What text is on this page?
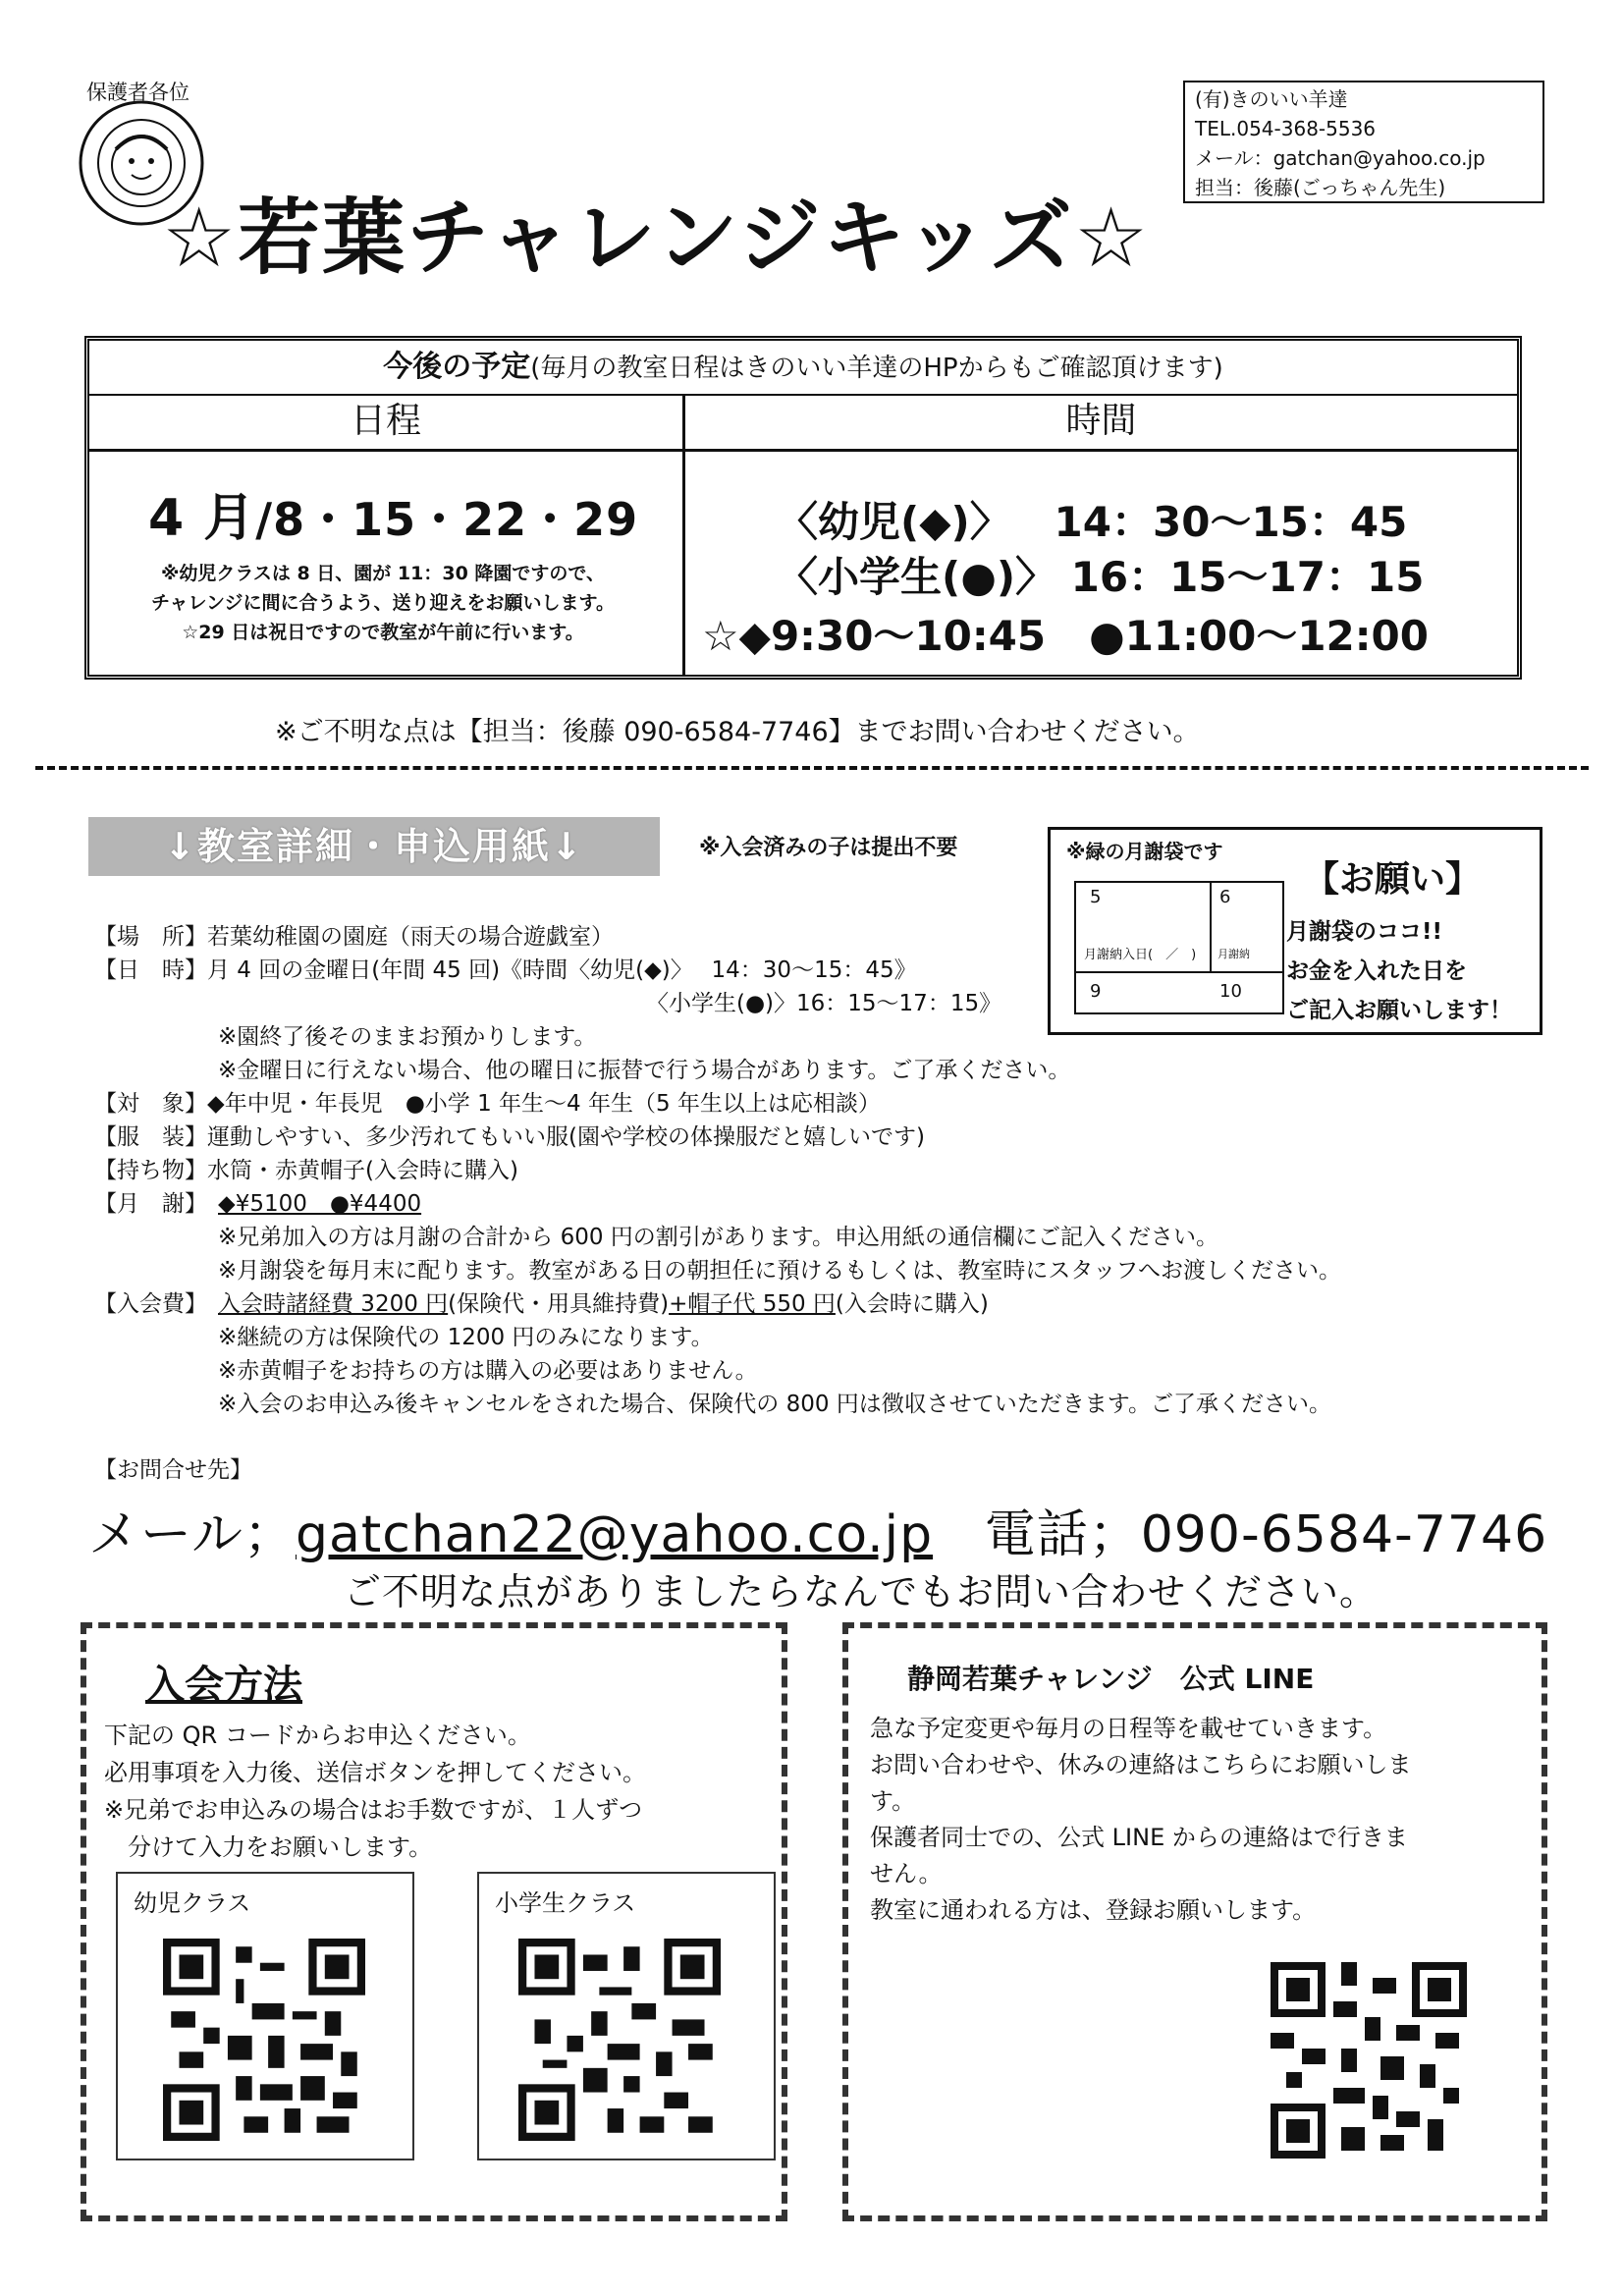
保護者各位	(有)きのいい羊達
TEL.054-368-5536
メール：gatchan@yahoo.co.jp
担当：後藤(ごっちゃん先生)
☆若葉チャレンジキッズ☆
今後の予定(毎月の教室日程はきのいい羊達のHPからもご確認頂けます)
日程	時間
4 月/8・15・22・29
※幼児クラスは 8 日、園が 11：30 降園ですので、
チャレンジに間に合うよう、送り迎えをお願いします。
☆29 日は祝日ですので教室が午前に行います。
〈幼児(◆)〉   14：30～15：45
〈小学生(●)〉 16：15～17：15
☆◆9:30～10:45   ●11:00～12:00
※ご不明な点は【担当：後藤 090-6584-7746】までお問い合わせください。
↓教室詳細・申込用紙↓	※入会済みの子は提出不要	※緑の月謝袋です
5	6
月謝納入日(　／　) 月謝納
9	10
【お願い】
月謝袋のココ!!
お金を入れた日を
ご記入お願いします！
【場　所】若葉幼稚園の園庭（雨天の場合遊戯室）
【日　時】月 4 回の金曜日(年間 45 回)《時間〈幼児(◆)〉　 14：30～15：45》
〈小学生(●)〉16：15～17：15》
※園終了後そのままお預かりします。
※金曜日に行えない場合、他の曜日に振替で行う場合があります。ご了承ください。
【対　象】◆年中児・年長児　●小学 1 年生～4 年生（5 年生以上は応相談）
【服　装】運動しやすい、多少汚れてもいい服(園や学校の体操服だと嬉しいです)
【持ち物】水筒・赤黄帽子(入会時に購入)
【月　謝】 ◆¥5100　●¥4400
※兄弟加入の方は月謝の合計から 600 円の割引があります。申込用紙の通信欄にご記入ください。
※月謝袋を毎月末に配ります。教室がある日の朝担任に預けるもしくは、教室時にスタッフへお渡しください。
【入会費】 入会時諸経費 3200 円(保険代・用具維持費)+帽子代 550 円(入会時に購入)
※継続の方は保険代の 1200 円のみになります。
※赤黄帽子をお持ちの方は購入の必要はありません。
※入会のお申込み後キャンセルをされた場合、保険代の 800 円は徴収させていただきます。ご了承ください。
【お問合せ先】
メール；gatchan22@yahoo.co.jp 電話；090-6584-7746
ご不明な点がありましたらなんでもお問い合わせください。
入会方法
下記の QR コードからお申込ください。
必用事項を入力後、送信ボタンを押してください。
※兄弟でお申込みの場合はお手数ですが、１人ずつ
　分けて入力をお願いします。
幼児クラス	小学生クラス
静岡若葉チャレンジ　公式 LINE
急な予定変更や毎月の日程等を載せていきます。
お問い合わせや、休みの連絡はこちらにお願いしま
す。
保護者同士での、公式 LINE からの連絡はで行きま
せん。
教室に通われる方は、登録お願いします。
